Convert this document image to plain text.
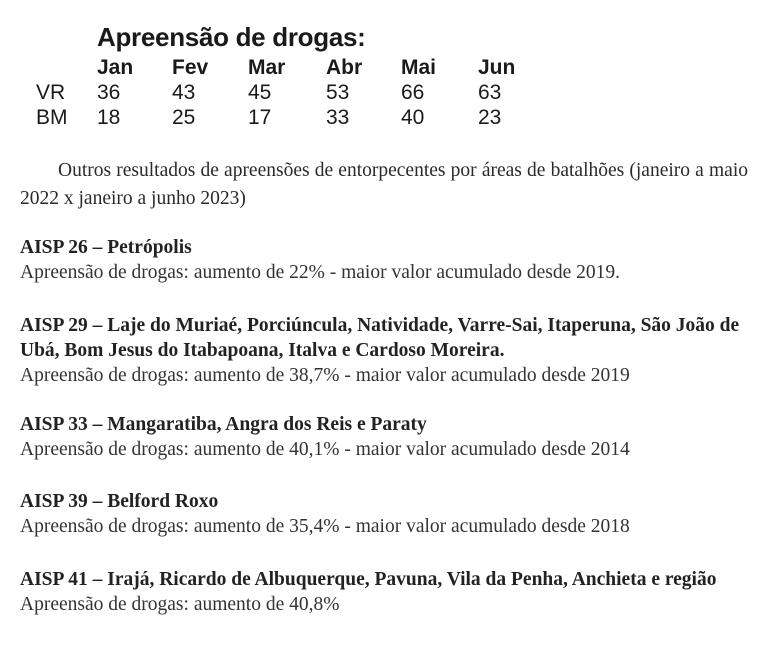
Apreensão de drogas:
Jan Fev Mar Abr Mai Jun
VR 36 43	45	53 66	63
BM 18 25	17	33 40	23
Outros resultados de apreensões de entorpecentes por áreas de batalhões (janeiro a maio 2022 x janeiro a junho 2023)
AISP 26 – Petrópolis
Apreensão de drogas: aumento de 22% - maior valor acumulado desde 2019.
AISP 29 – Laje do Muriaé, Porciúncula, Natividade, Varre-Sai, Itaperuna, São João de Ubá, Bom Jesus do Itabapoana, Italva e Cardoso Moreira.
Apreensão de drogas: aumento de 38,7% - maior valor acumulado desde 2019
AISP 33 – Mangaratiba, Angra dos Reis e Paraty
Apreensão de drogas: aumento de 40,1% - maior valor acumulado desde 2014
AISP 39 – Belford Roxo
Apreensão de drogas: aumento de 35,4% - maior valor acumulado desde 2018
AISP 41 – Irajá, Ricardo de Albuquerque, Pavuna, Vila da Penha, Anchieta e região
Apreensão de drogas: aumento de 40,8%
